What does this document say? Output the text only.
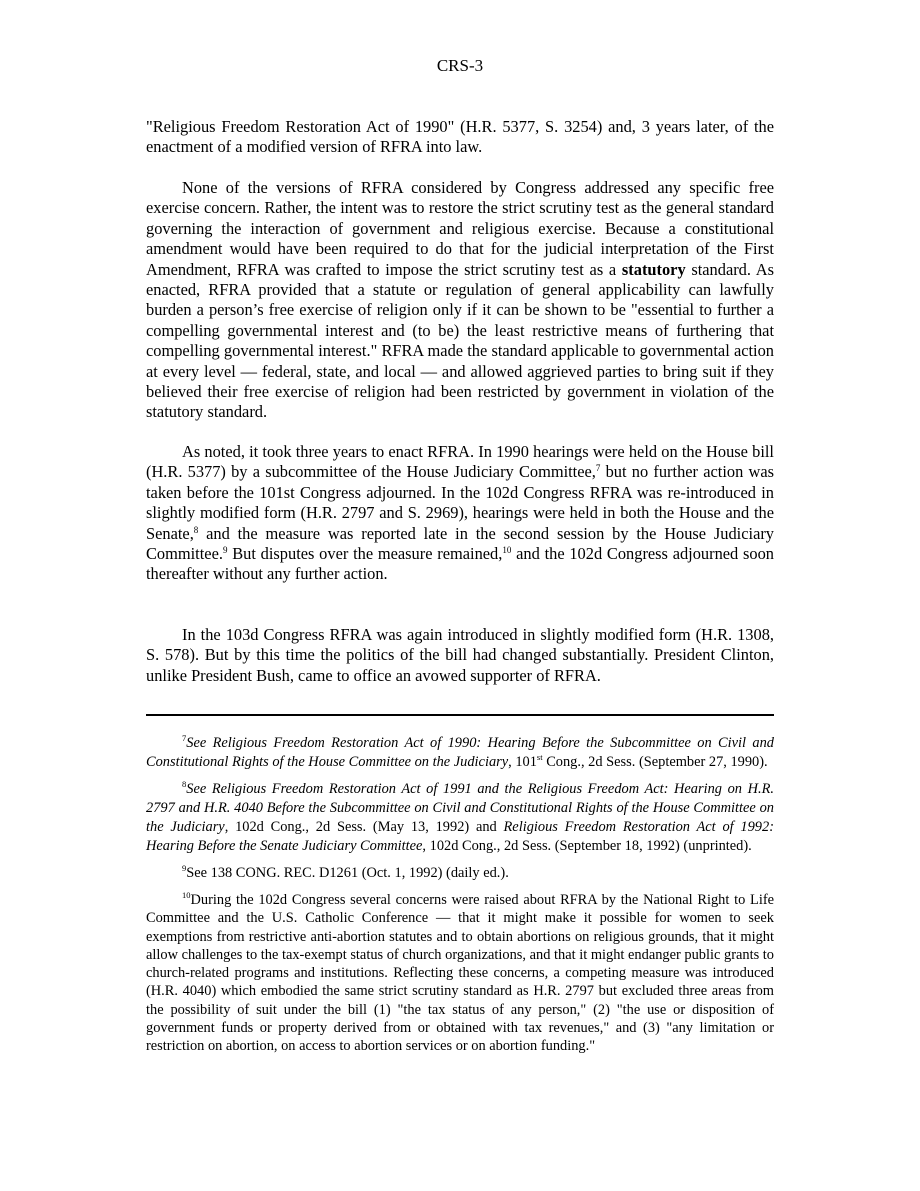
CRS-3

"Religious Freedom Restoration Act of 1990" (H.R. 5377, S. 3254) and, 3 years later, of the enactment of a modified version of RFRA into law.

None of the versions of RFRA considered by Congress addressed any specific free exercise concern. Rather, the intent was to restore the strict scrutiny test as the general standard governing the interaction of government and religious exercise. Because a constitutional amendment would have been required to do that for the judicial interpretation of the First Amendment, RFRA was crafted to impose the strict scrutiny test as a statutory standard. As enacted, RFRA provided that a statute or regulation of general applicability can lawfully burden a person’s free exercise of religion only if it can be shown to be "essential to further a compelling governmental interest and (to be) the least restrictive means of furthering that compelling governmental interest." RFRA made the standard applicable to governmental action at every level — federal, state, and local — and allowed aggrieved parties to bring suit if they believed their free exercise of religion had been restricted by government in violation of the statutory standard.

As noted, it took three years to enact RFRA. In 1990 hearings were held on the House bill (H.R. 5377) by a subcommittee of the House Judiciary Committee,$^7$ but no further action was taken before the 101st Congress adjourned. In the 102d Congress RFRA was re-introduced in slightly modified form (H.R. 2797 and S. 2969), hearings were held in both the House and the Senate,$^8$ and the measure was reported late in the second session by the House Judiciary Committee.$^9$ But disputes over the measure remained,$^{10}$ and the 102d Congress adjourned soon thereafter without any further action.

In the 103d Congress RFRA was again introduced in slightly modified form (H.R. 1308, S. 578). But by this time the politics of the bill had changed substantially. President Clinton, unlike President Bush, came to office an avowed supporter of RFRA.

$^7$See Religious Freedom Restoration Act of 1990: Hearing Before the Subcommittee on Civil and Constitutional Rights of the House Committee on the Judiciary, 101st Cong., 2d Sess. (September 27, 1990).

$^8$See Religious Freedom Restoration Act of 1991 and the Religious Freedom Act: Hearing on H.R. 2797 and H.R. 4040 Before the Subcommittee on Civil and Constitutional Rights of the House Committee on the Judiciary, 102d Cong., 2d Sess. (May 13, 1992) and Religious Freedom Restoration Act of 1992: Hearing Before the Senate Judiciary Committee, 102d Cong., 2d Sess. (September 18, 1992) (unprinted).

$^9$See 138 CONG. REC. D1261 (Oct. 1, 1992) (daily ed.).

$^{10}$During the 102d Congress several concerns were raised about RFRA by the National Right to Life Committee and the U.S. Catholic Conference — that it might make it possible for women to seek exemptions from restrictive anti-abortion statutes and to obtain abortions on religious grounds, that it might allow challenges to the tax-exempt status of church organizations, and that it might endanger public grants to church-related programs and institutions. Reflecting these concerns, a competing measure was introduced (H.R. 4040) which embodied the same strict scrutiny standard as H.R. 2797 but excluded three areas from the possibility of suit under the bill (1) "the tax status of any person," (2) "the use or disposition of government funds or property derived from or obtained with tax revenues," and (3) "any limitation or restriction on abortion, on access to abortion services or on abortion funding."
